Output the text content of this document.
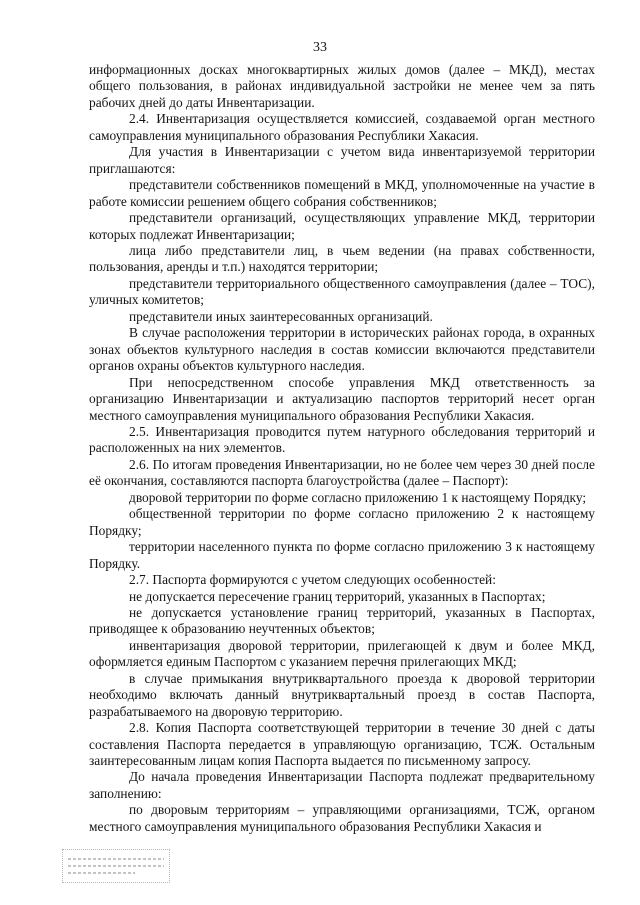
33

информационных досках многоквартирных жилых домов (далее – МКД), местах общего пользования, в районах индивидуальной застройки не менее чем за пять рабочих дней до даты Инвентаризации.

2.4. Инвентаризация осуществляется комиссией, создаваемой орган местного самоуправления муниципального образования Республики Хакасия.

Для участия в Инвентаризации с учетом вида инвентаризуемой территории приглашаются:

представители собственников помещений в МКД, уполномоченные на участие в работе комиссии решением общего собрания собственников;

представители организаций, осуществляющих управление МКД, территории которых подлежат Инвентаризации;

лица либо представители лиц, в чьем ведении (на правах собственности, пользования, аренды и т.п.) находятся территории;

представители территориального общественного самоуправления (далее – ТОС), уличных комитетов;

представители иных заинтересованных организаций.

В случае расположения территории в исторических районах города, в охранных зонах объектов культурного наследия в состав комиссии включаются представители органов охраны объектов культурного наследия.

При непосредственном способе управления МКД ответственность за организацию Инвентаризации и актуализацию паспортов территорий несет орган местного самоуправления муниципального образования Республики Хакасия.

2.5. Инвентаризация проводится путем натурного обследования территорий и расположенных на них элементов.

2.6. По итогам проведения Инвентаризации, но не более чем через 30 дней после её окончания, составляются паспорта благоустройства (далее – Паспорт):

дворовой территории по форме согласно приложению 1 к настоящему Порядку;

общественной территории по форме согласно приложению 2 к настоящему Порядку;

территории населенного пункта по форме согласно приложению 3 к настоящему Порядку.

2.7. Паспорта формируются с учетом следующих особенностей:

не допускается пересечение границ территорий, указанных в Паспортах;

не допускается установление границ территорий, указанных в Паспортах, приводящее к образованию неучтенных объектов;

инвентаризация дворовой территории, прилегающей к двум и более МКД, оформляется единым Паспортом с указанием перечня прилегающих МКД;

в случае примыкания внутриквартального проезда к дворовой территории необходимо включать данный внутриквартальный проезд в состав Паспорта, разрабатываемого на дворовую территорию.

2.8. Копия Паспорта соответствующей территории в течение 30 дней с даты составления Паспорта передается в управляющую организацию, ТСЖ. Остальным заинтересованным лицам копия Паспорта выдается по письменному запросу.

До начала проведения Инвентаризации Паспорта подлежат предварительному заполнению:

по дворовым территориям – управляющими организациями, ТСЖ, органом местного самоуправления муниципального образования Республики Хакасия и
